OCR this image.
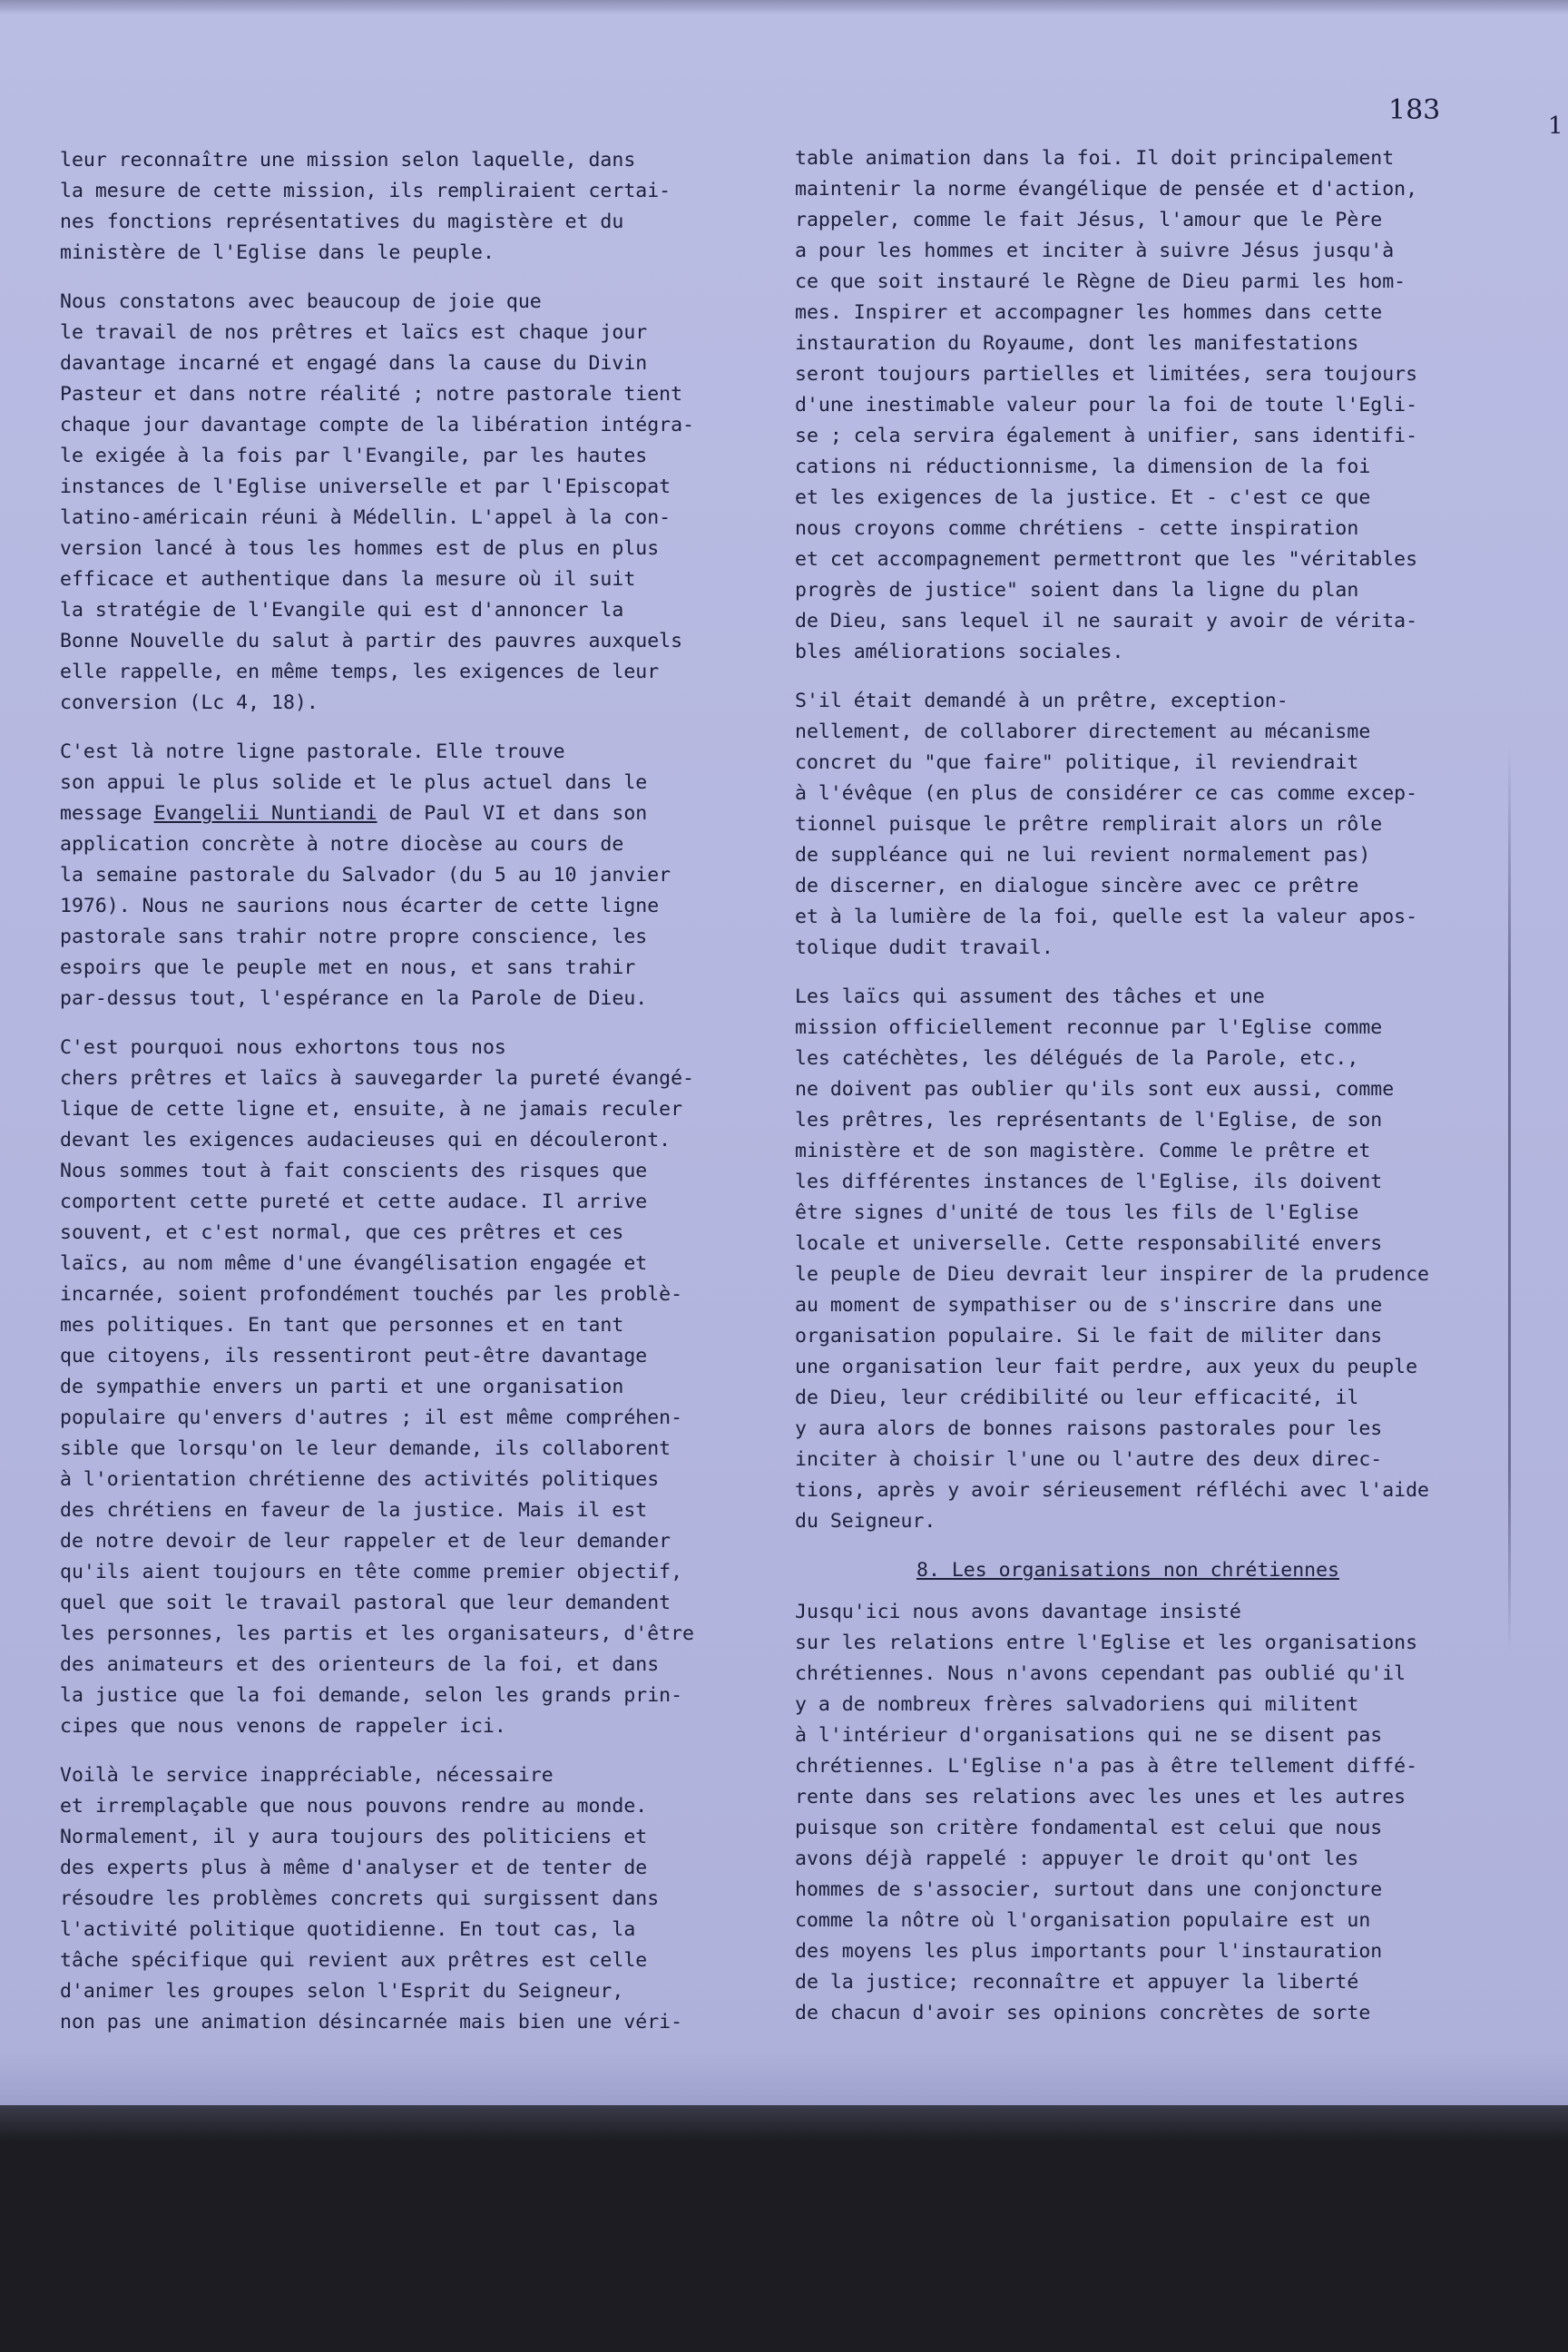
183	1

leur reconnaître une mission selon laquelle, dans
la mesure de cette mission, ils rempliraient certai-
nes fonctions représentatives du magistère et du
ministère de l'Eglise dans le peuple.

Nous constatons avec beaucoup de joie que
le travail de nos prêtres et laïcs est chaque jour
davantage incarné et engagé dans la cause du Divin
Pasteur et dans notre réalité ; notre pastorale tient
chaque jour davantage compte de la libération intégra-
le exigée à la fois par l'Evangile, par les hautes
instances de l'Eglise universelle et par l'Episcopat
latino-américain réuni à Médellin. L'appel à la con-
version lancé à tous les hommes est de plus en plus
efficace et authentique dans la mesure où il suit
la stratégie de l'Evangile qui est d'annoncer la
Bonne Nouvelle du salut à partir des pauvres auxquels
elle rappelle, en même temps, les exigences de leur
conversion (Lc 4, 18).

C'est là notre ligne pastorale. Elle trouve
son appui le plus solide et le plus actuel dans le
message Evangelii Nuntiandi de Paul VI et dans son
application concrète à notre diocèse au cours de
la semaine pastorale du Salvador (du 5 au 10 janvier
1976). Nous ne saurions nous écarter de cette ligne
pastorale sans trahir notre propre conscience, les
espoirs que le peuple met en nous, et sans trahir
par-dessus tout, l'espérance en la Parole de Dieu.

C'est pourquoi nous exhortons tous nos
chers prêtres et laïcs à sauvegarder la pureté évangé-
lique de cette ligne et, ensuite, à ne jamais reculer
devant les exigences audacieuses qui en découleront.
Nous sommes tout à fait conscients des risques que
comportent cette pureté et cette audace. Il arrive
souvent, et c'est normal, que ces prêtres et ces
laïcs, au nom même d'une évangélisation engagée et
incarnée, soient profondément touchés par les problè-
mes politiques. En tant que personnes et en tant
que citoyens, ils ressentiront peut-être davantage
de sympathie envers un parti et une organisation
populaire qu'envers d'autres ; il est même compréhen-
sible que lorsqu'on le leur demande, ils collaborent
à l'orientation chrétienne des activités politiques
des chrétiens en faveur de la justice. Mais il est
de notre devoir de leur rappeler et de leur demander
qu'ils aient toujours en tête comme premier objectif,
quel que soit le travail pastoral que leur demandent
les personnes, les partis et les organisateurs, d'être
des animateurs et des orienteurs de la foi, et dans
la justice que la foi demande, selon les grands prin-
cipes que nous venons de rappeler ici.

Voilà le service inappréciable, nécessaire
et irremplaçable que nous pouvons rendre au monde.
Normalement, il y aura toujours des politiciens et
des experts plus à même d'analyser et de tenter de
résoudre les problèmes concrets qui surgissent dans
l'activité politique quotidienne. En tout cas, la
tâche spécifique qui revient aux prêtres est celle
d'animer les groupes selon l'Esprit du Seigneur,
non pas une animation désincarnée mais bien une véri-

table animation dans la foi. Il doit principalement
maintenir la norme évangélique de pensée et d'action,
rappeler, comme le fait Jésus, l'amour que le Père
a pour les hommes et inciter à suivre Jésus jusqu'à
ce que soit instauré le Règne de Dieu parmi les hom-
mes. Inspirer et accompagner les hommes dans cette
instauration du Royaume, dont les manifestations
seront toujours partielles et limitées, sera toujours
d'une inestimable valeur pour la foi de toute l'Egli-
se ; cela servira également à unifier, sans identifi-
cations ni réductionnisme, la dimension de la foi
et les exigences de la justice. Et - c'est ce que
nous croyons comme chrétiens - cette inspiration
et cet accompagnement permettront que les "véritables
progrès de justice" soient dans la ligne du plan
de Dieu, sans lequel il ne saurait y avoir de vérita-
bles améliorations sociales.

S'il était demandé à un prêtre, exception-
nellement, de collaborer directement au mécanisme
concret du "que faire" politique, il reviendrait
à l'évêque (en plus de considérer ce cas comme excep-
tionnel puisque le prêtre remplirait alors un rôle
de suppléance qui ne lui revient normalement pas)
de discerner, en dialogue sincère avec ce prêtre
et à la lumière de la foi, quelle est la valeur apos-
tolique dudit travail.

Les laïcs qui assument des tâches et une
mission officiellement reconnue par l'Eglise comme
les catéchètes, les délégués de la Parole, etc.,
ne doivent pas oublier qu'ils sont eux aussi, comme
les prêtres, les représentants de l'Eglise, de son
ministère et de son magistère. Comme le prêtre et
les différentes instances de l'Eglise, ils doivent
être signes d'unité de tous les fils de l'Eglise
locale et universelle. Cette responsabilité envers
le peuple de Dieu devrait leur inspirer de la prudence
au moment de sympathiser ou de s'inscrire dans une
organisation populaire. Si le fait de militer dans
une organisation leur fait perdre, aux yeux du peuple
de Dieu, leur crédibilité ou leur efficacité, il
y aura alors de bonnes raisons pastorales pour les
inciter à choisir l'une ou l'autre des deux direc-
tions, après y avoir sérieusement réfléchi avec l'aide
du Seigneur.

8. Les organisations non chrétiennes

Jusqu'ici nous avons davantage insisté
sur les relations entre l'Eglise et les organisations
chrétiennes. Nous n'avons cependant pas oublié qu'il
y a de nombreux frères salvadoriens qui militent
à l'intérieur d'organisations qui ne se disent pas
chrétiennes. L'Eglise n'a pas à être tellement diffé-
rente dans ses relations avec les unes et les autres
puisque son critère fondamental est celui que nous
avons déjà rappelé : appuyer le droit qu'ont les
hommes de s'associer, surtout dans une conjoncture
comme la nôtre où l'organisation populaire est un
des moyens les plus importants pour l'instauration
de la justice; reconnaître et appuyer la liberté
de chacun d'avoir ses opinions concrètes de sorte
